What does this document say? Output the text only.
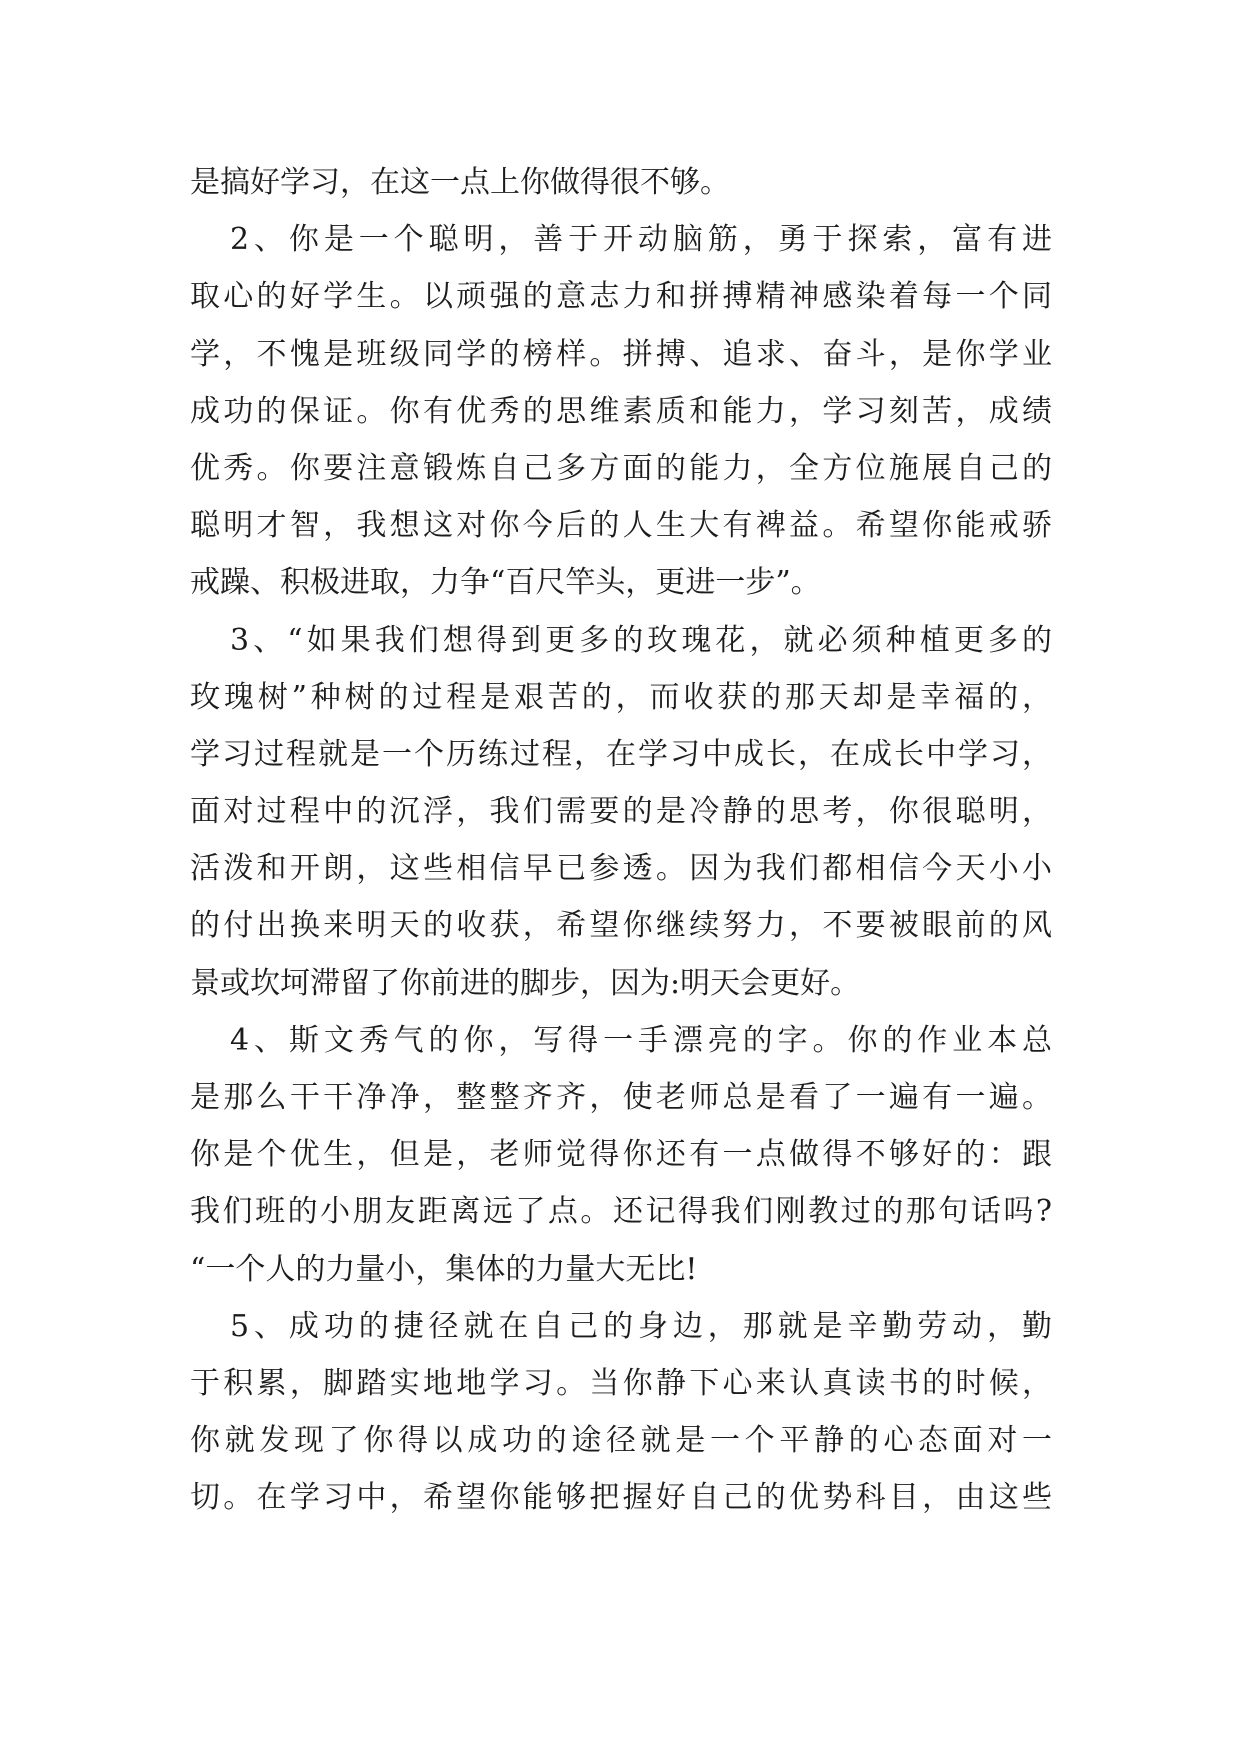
是搞好学习，在这一点上你做得很不够。
2、你是一个聪明，善于开动脑筋，勇于探索，富有进
取心的好学生。以顽强的意志力和拼搏精神感染着每一个同
学，不愧是班级同学的榜样。拼搏、追求、奋斗，是你学业
成功的保证。你有优秀的思维素质和能力，学习刻苦，成绩
优秀。你要注意锻炼自己多方面的能力，全方位施展自己的
聪明才智，我想这对你今后的人生大有裨益。希望你能戒骄
戒躁、积极进取，力争“百尺竿头，更进一步”。
3、“如果我们想得到更多的玫瑰花，就必须种植更多的
玫瑰树”种树的过程是艰苦的，而收获的那天却是幸福的，
学习过程就是一个历练过程，在学习中成长，在成长中学习，
面对过程中的沉浮，我们需要的是冷静的思考，你很聪明，
活泼和开朗，这些相信早已参透。因为我们都相信今天小小
的付出换来明天的收获，希望你继续努力，不要被眼前的风
景或坎坷滞留了你前进的脚步，因为:明天会更好。
4、斯文秀气的你，写得一手漂亮的字。你的作业本总
是那么干干净净，整整齐齐，使老师总是看了一遍有一遍。
你是个优生，但是，老师觉得你还有一点做得不够好的：跟
我们班的小朋友距离远了点。还记得我们刚教过的那句话吗?
“一个人的力量小，集体的力量大无比!
5、成功的捷径就在自己的身边，那就是辛勤劳动，勤
于积累，脚踏实地地学习。当你静下心来认真读书的时候，
你就发现了你得以成功的途径就是一个平静的心态面对一
切。在学习中，希望你能够把握好自己的优势科目，由这些
